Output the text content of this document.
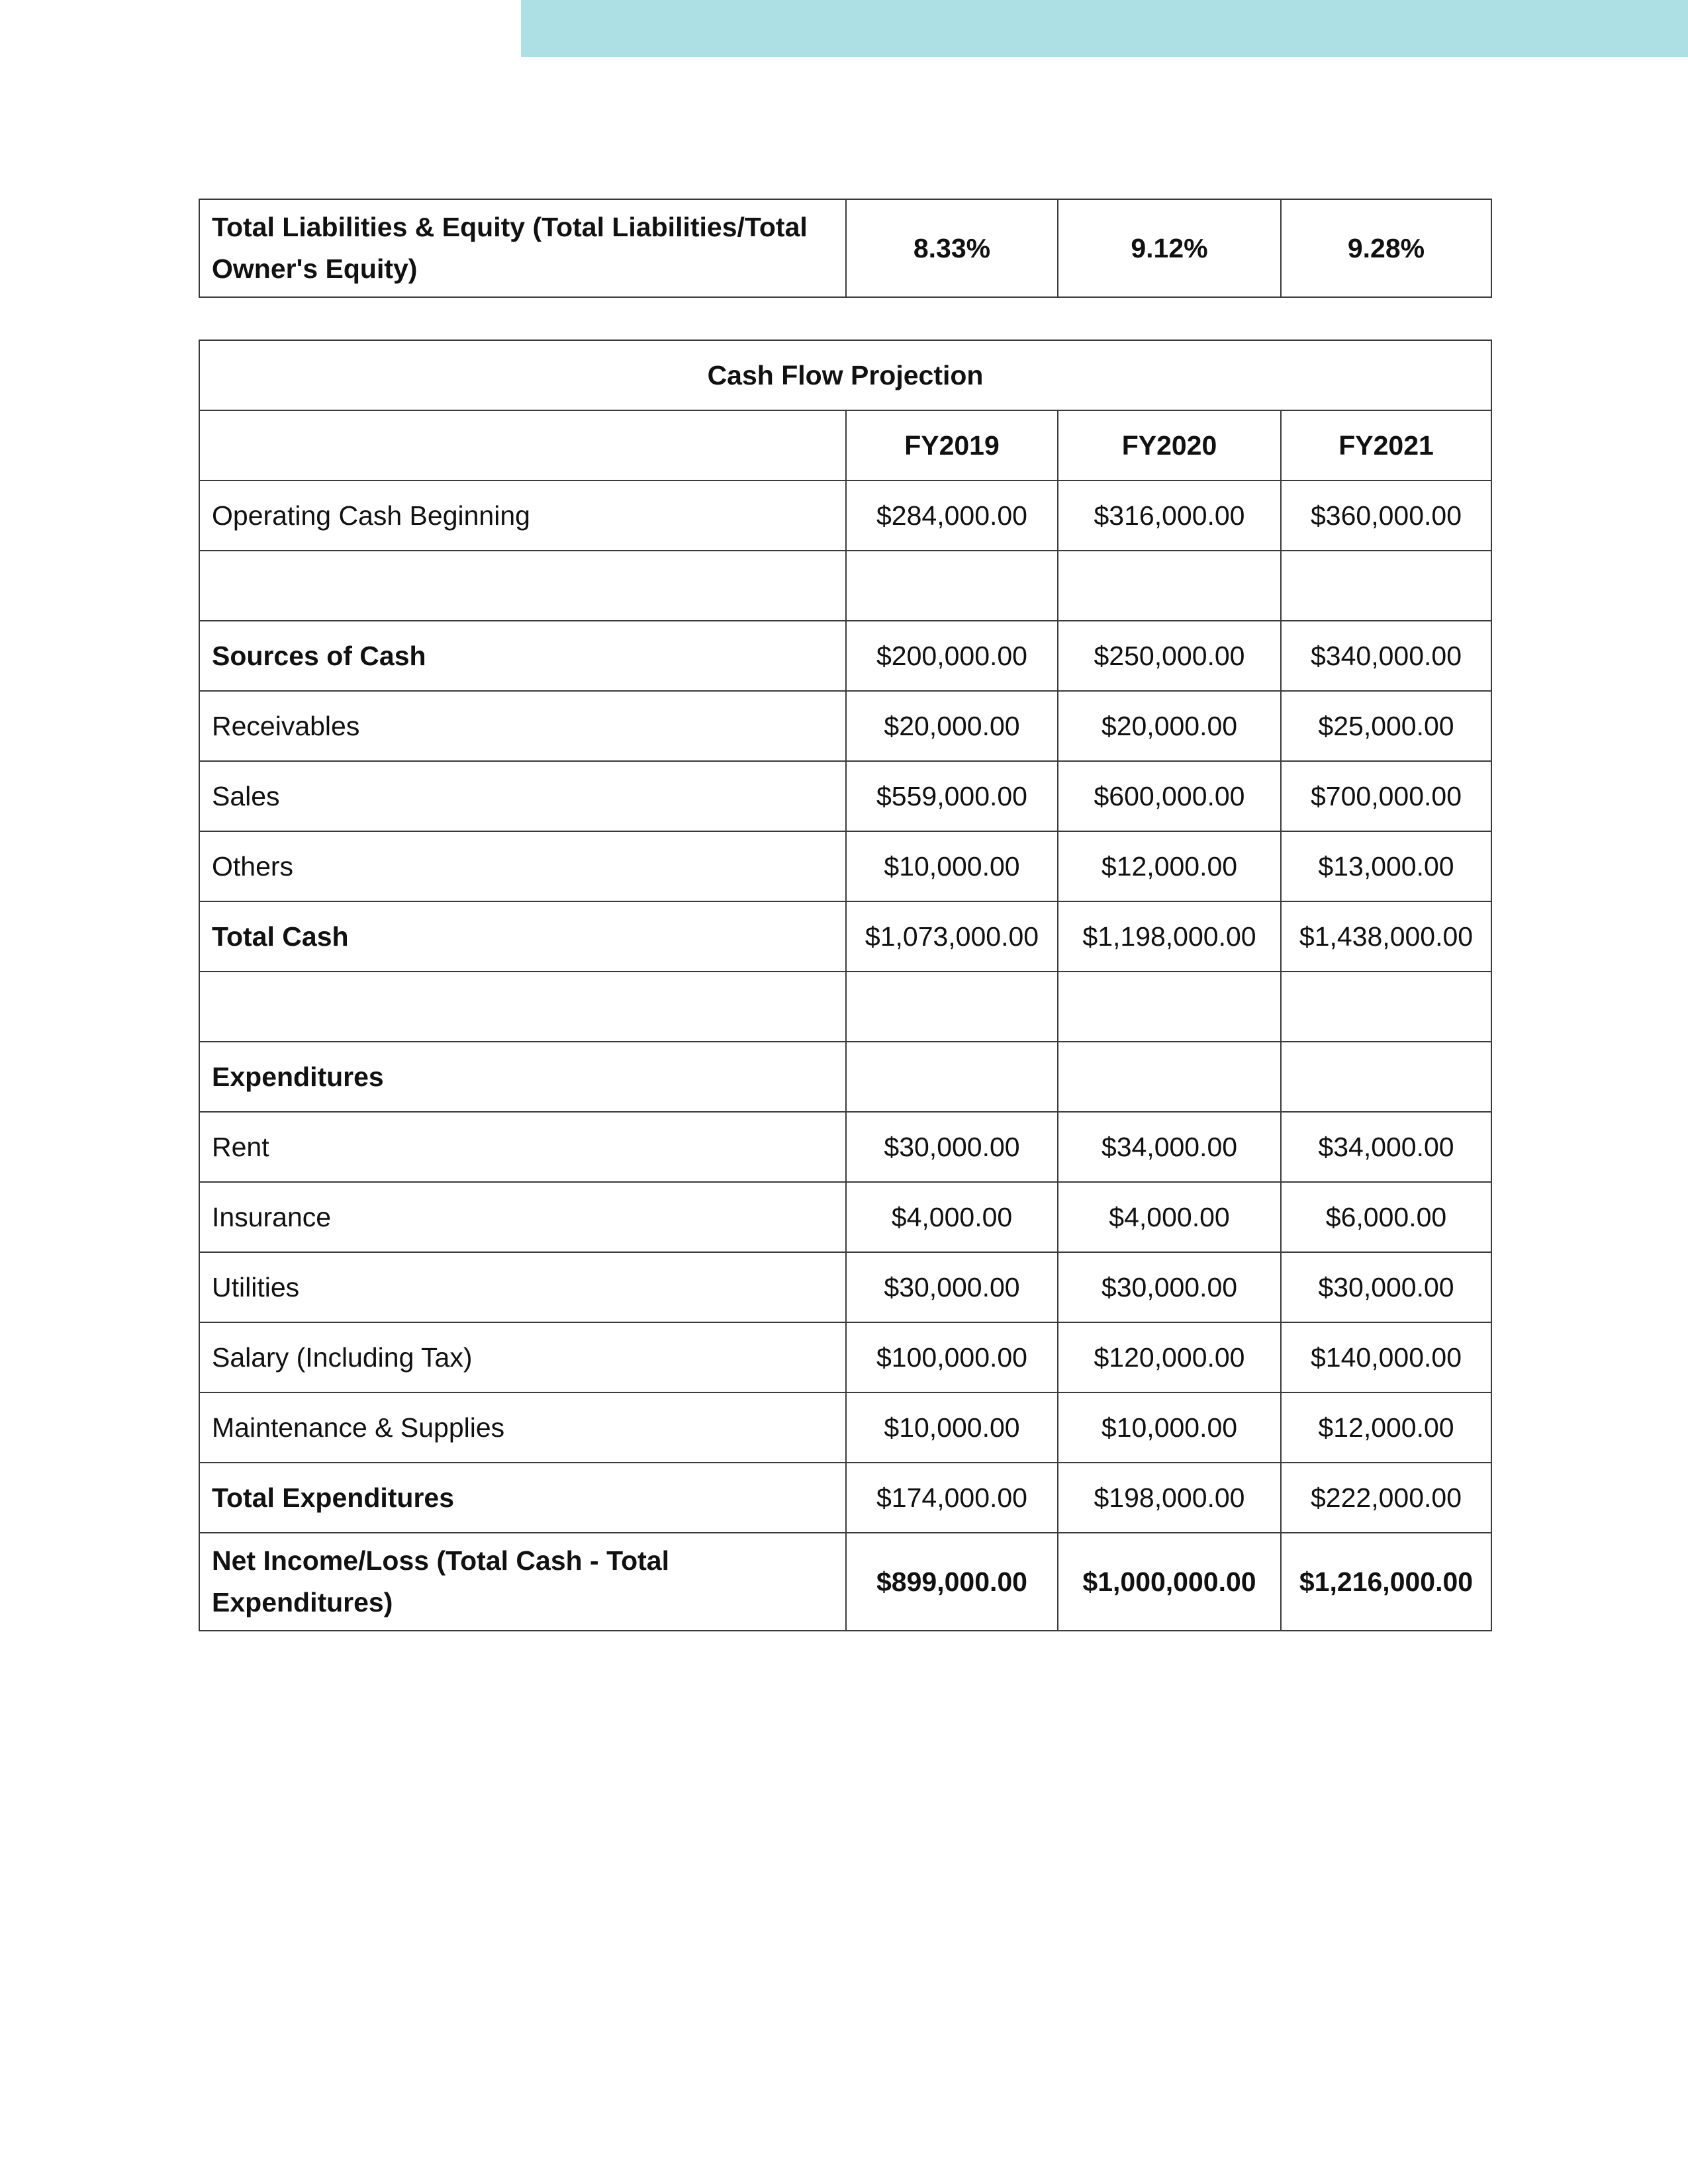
Total Liabilities & Equity (Total Liabilities/Total Owner's Equity)	8.33%	9.12%	9.28%
Cash Flow Projection			
	FY2019	FY2020	FY2021
Operating Cash Beginning	$284,000.00	$316,000.00	$360,000.00

Sources of Cash	$200,000.00	$250,000.00	$340,000.00
Receivables	$20,000.00	$20,000.00	$25,000.00
Sales	$559,000.00	$600,000.00	$700,000.00
Others	$10,000.00	$12,000.00	$13,000.00
Total Cash	$1,073,000.00	$1,198,000.00	$1,438,000.00

Expenditures			
Rent	$30,000.00	$34,000.00	$34,000.00
Insurance	$4,000.00	$4,000.00	$6,000.00
Utilities	$30,000.00	$30,000.00	$30,000.00
Salary (Including Tax)	$100,000.00	$120,000.00	$140,000.00
Maintenance & Supplies	$10,000.00	$10,000.00	$12,000.00
Total Expenditures	$174,000.00	$198,000.00	$222,000.00
Net Income/Loss (Total Cash - Total Expenditures)	$899,000.00	$1,000,000.00	$1,216,000.00
